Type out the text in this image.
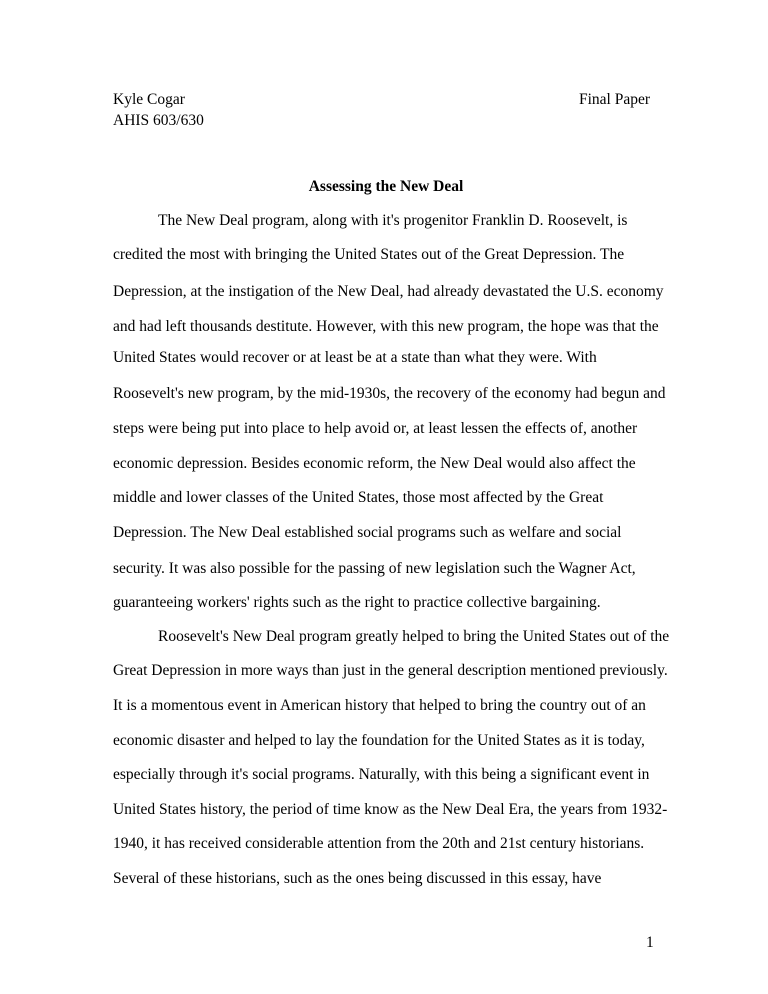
Kyle Cogar	Final Paper
AHIS 603/630
Assessing the New Deal
The New Deal program, along with it's progenitor Franklin D. Roosevelt, is
credited the most with bringing the United States out of the Great Depression. The
Depression, at the instigation of the New Deal, had already devastated the U.S. economy
and had left thousands destitute. However, with this new program, the hope was that the
United States would recover or at least be at a state than what they were. With
Roosevelt's new program, by the mid-1930s, the recovery of the economy had begun and
steps were being put into place to help avoid or, at least lessen the effects of, another
economic depression. Besides economic reform, the New Deal would also affect the
middle and lower classes of the United States, those most affected by the Great
Depression. The New Deal established social programs such as welfare and social
security. It was also possible for the passing of new legislation such the Wagner Act,
guaranteeing workers' rights such as the right to practice collective bargaining.
Roosevelt's New Deal program greatly helped to bring the United States out of the
Great Depression in more ways than just in the general description mentioned previously.
It is a momentous event in American history that helped to bring the country out of an
economic disaster and helped to lay the foundation for the United States as it is today,
especially through it's social programs. Naturally, with this being a significant event in
United States history, the period of time know as the New Deal Era, the years from 1932-
1940, it has received considerable attention from the 20th and 21st century historians.
Several of these historians, such as the ones being discussed in this essay, have
1
